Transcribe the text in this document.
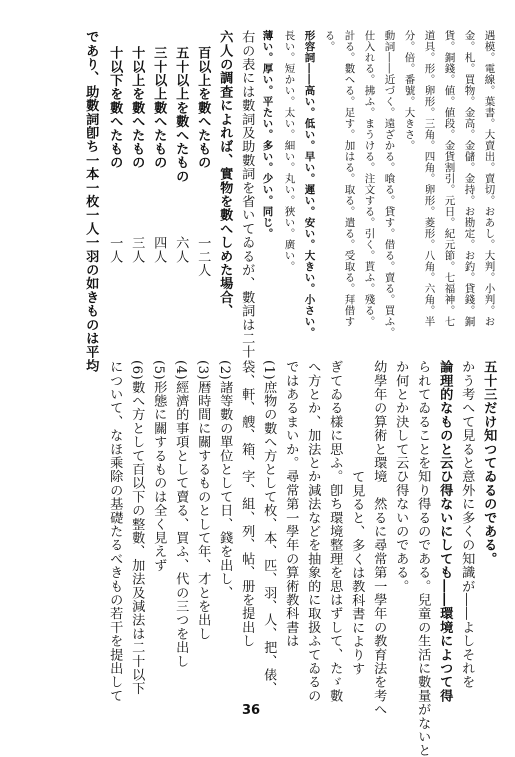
遇模。電線。葉書。大賣出。賣切。おあし。大判。小判。お
金。札。買物。金高。金儲。金持。お勘定。お釣。貸錢。銅
貨。銅錢。値。値段。金貨割引。元日。紀元節。七福神。七
道具。形。卵形。三角。四角。卵形。菱形。八角。六角。半
分。倍。番號。大きさ。
動詞――近づく。遠ざかる。喰る。貸す。借る。賣る。買ふ。
仕入れる。拂ふ。まうける。注文する。引く。貰ふ。殘る。
計る。數へる。足す。加はる。取る。遣る。受取る。拜借す
る。
形容詞――高い。低い。早い。遲い。安い。大きい。小さい。
長い。短かい。太い。細い。丸い。狹い。廣い。
薄い。厚い。平たい。多い。少い。同じ。
右の表には數詞及助數詞を省いてゐるが、數詞は二十
六人の調査によれば、實物を數へしめた場合、
百以上を數へたもの
一二人
五十以上を數へたもの
六人
三十以上數へたもの
四人
十以上を數へたもの
三人
十以下を數へたもの
一人
であり、助數詞卽ち一本一枚一人一羽の如きものは平均
五十三だけ知つてゐるのである。
かう考へて見ると意外に多くの知識が――よしそれを
論理的なものと云ひ得ないにしても――環境によつて得
られてゐることを知り得るのである。兒童の生活に數量がないと
か何とか決して云ひ得ないのである。
幼學年の算術と環境　然るに尋常第一學年の教育法を考へ
て見ると、多くは教科書によりす
ぎてゐる樣に思ふ。卽ち環境整理を思はずして、たゞ數
へ方とか、加法とか減法などを抽象的に取扱ふてゐるの
ではあるまいか。尋常第一學年の算術教科書は
(1)庶物の數へ方として枚、本、匹、羽、人、把、俵、
袋、軒、艘、箱、字、組、列、帖、册を提出し
(2)諸等數の單位として日、錢を出し、
(3)暦時間に關するものとして年、才とを出し
(4)經濟的事項として賣る、買ふ、代の三つを出し
(5)形態に關するものは全く見えず
(6)數へ方として百以下の整數、加法及減法は二十以下
について、なほ乘除の基礎たるべきもの若干を提出して
36
